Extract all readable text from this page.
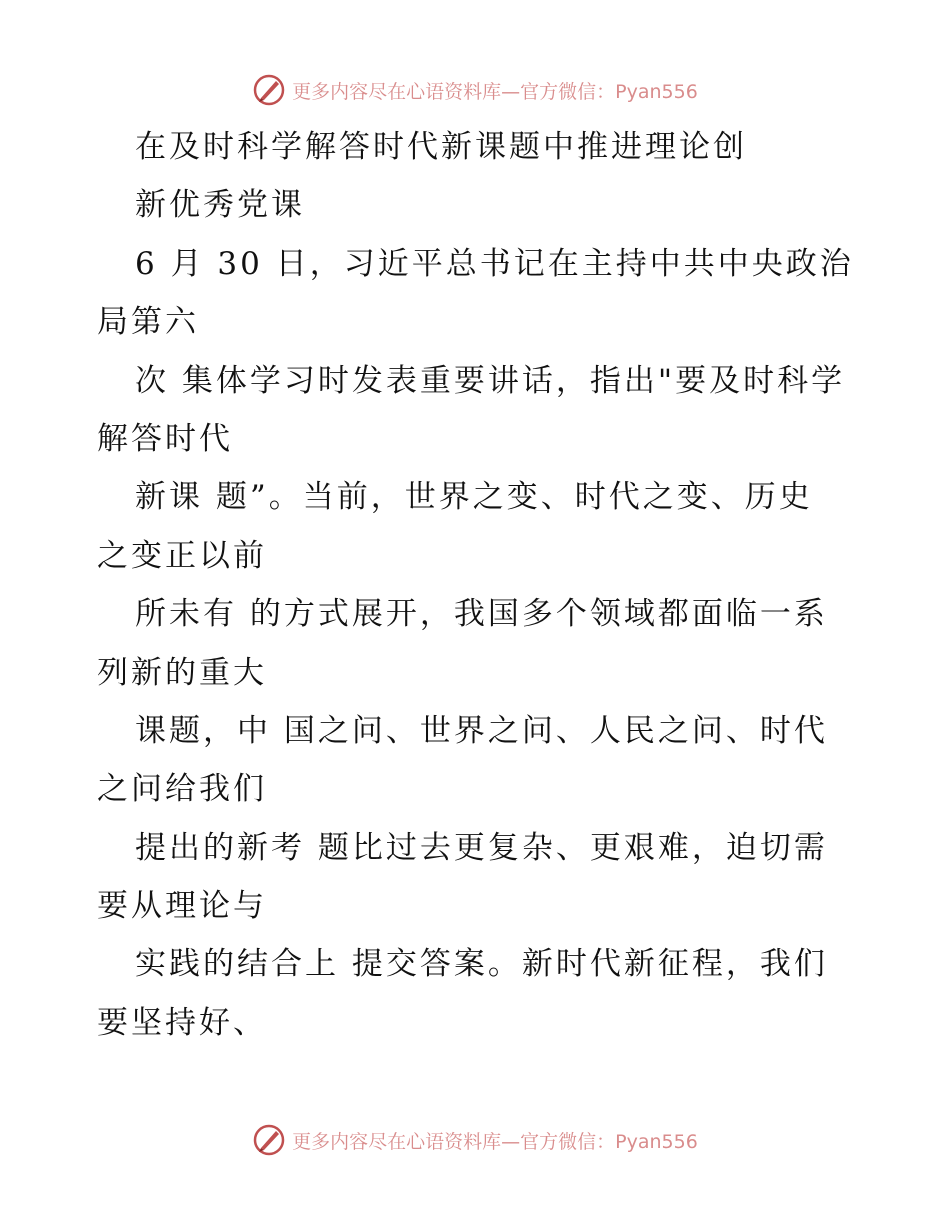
更多内容尽在心语资料库—官方微信：Pyan556
在及时科学解答时代新课题中推进理论创
新优秀党课
6 月 30 日，习近平总书记在主持中共中央政治
局第六
次 集体学习时发表重要讲话，指出"要及时科学
解答时代
新课 题”。当前，世界之变、时代之变、历史
之变正以前
所未有 的方式展开，我国多个领域都面临一系
列新的重大
课题，中 国之问、世界之问、人民之问、时代
之问给我们
提出的新考 题比过去更复杂、更艰难，迫切需
要从理论与
实践的结合上 提交答案。新时代新征程，我们
要坚持好、
更多内容尽在心语资料库—官方微信：Pyan556
